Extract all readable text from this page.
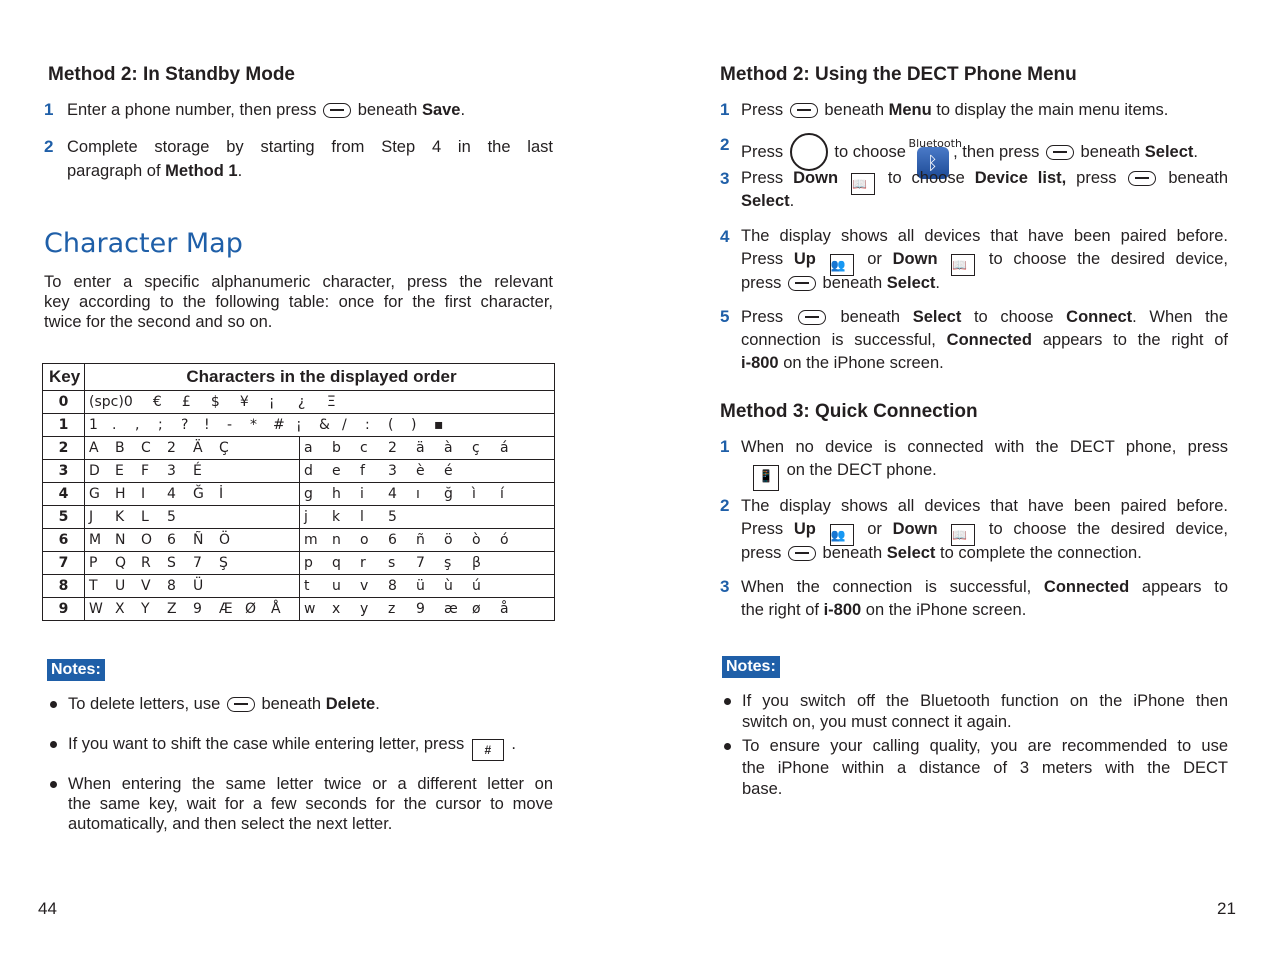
Method 2: In Standby Mode
1 Enter a phone number, then press beneath Save.
2 Complete storage by starting from Step 4 in the last
paragraph of Method 1.
Character Map
To enter a specific alphanumeric character, press the relevant
key according to the following table: once for the first character,
twice for the second and so on.
Key	Characters in the displayed order	
0	(spc)0 € £ $ ¥ ¡ ¿ Ξ	
1	1 . , ; ? ! - * # ¡ & / : ( ) ▪	
2	A B C 2 Ä Ç	a b c 2 ä à ç á
3	D E F 3 É	d e f 3 è é
4	G H I 4 Ğ İ	g h i 4 ı ğ ì í
5	J K L 5	j k l 5
6	M N O 6 Ñ Ö	m n o 6 ñ ö ò ó
7	P Q R S 7 Ş	p q r s 7 ş β
8	T U V 8 Ü	t u v 8 ü ù ú
9	W X Y Z 9 Æ Ø Å	w x y z 9 æ ø å
Notes:
To delete letters, use beneath Delete.
If you want to shift the case while entering letter, press # .
When entering the same letter twice or a different letter on
the same key, wait for a few seconds for the cursor to move
automatically, and then select the next letter.
44
Method 2: Using the DECT Phone Menu
1 Press beneath Menu to display the main menu items.
2 Press	to choose Bluetooth
ᛒ , then press beneath Select.
3 Press Down 📖 to choose Device list, press	beneath
Select.
4 The display shows all devices that have been paired before.
Press Up 👥 or Down 📖 to choose the desired device,
press beneath Select.
5 Press	beneath Select to choose Connect. When the
connection is successful, Connected appears to the right of
i-800 on the iPhone screen.
Method 3: Quick Connection
1 When no device is connected with the DECT phone, press
📱 on the DECT phone.
2 The display shows all devices that have been paired before.
Press Up 👥 or Down 📖 to choose the desired device,
press beneath Select to complete the connection.
3 When the connection is successful, Connected appears to
the right of i-800 on the iPhone screen.
Notes:
If you switch off the Bluetooth function on the iPhone then
switch on, you must connect it again.
To ensure your calling quality, you are recommended to use
the iPhone within a distance of 3 meters with the DECT
base.
21
